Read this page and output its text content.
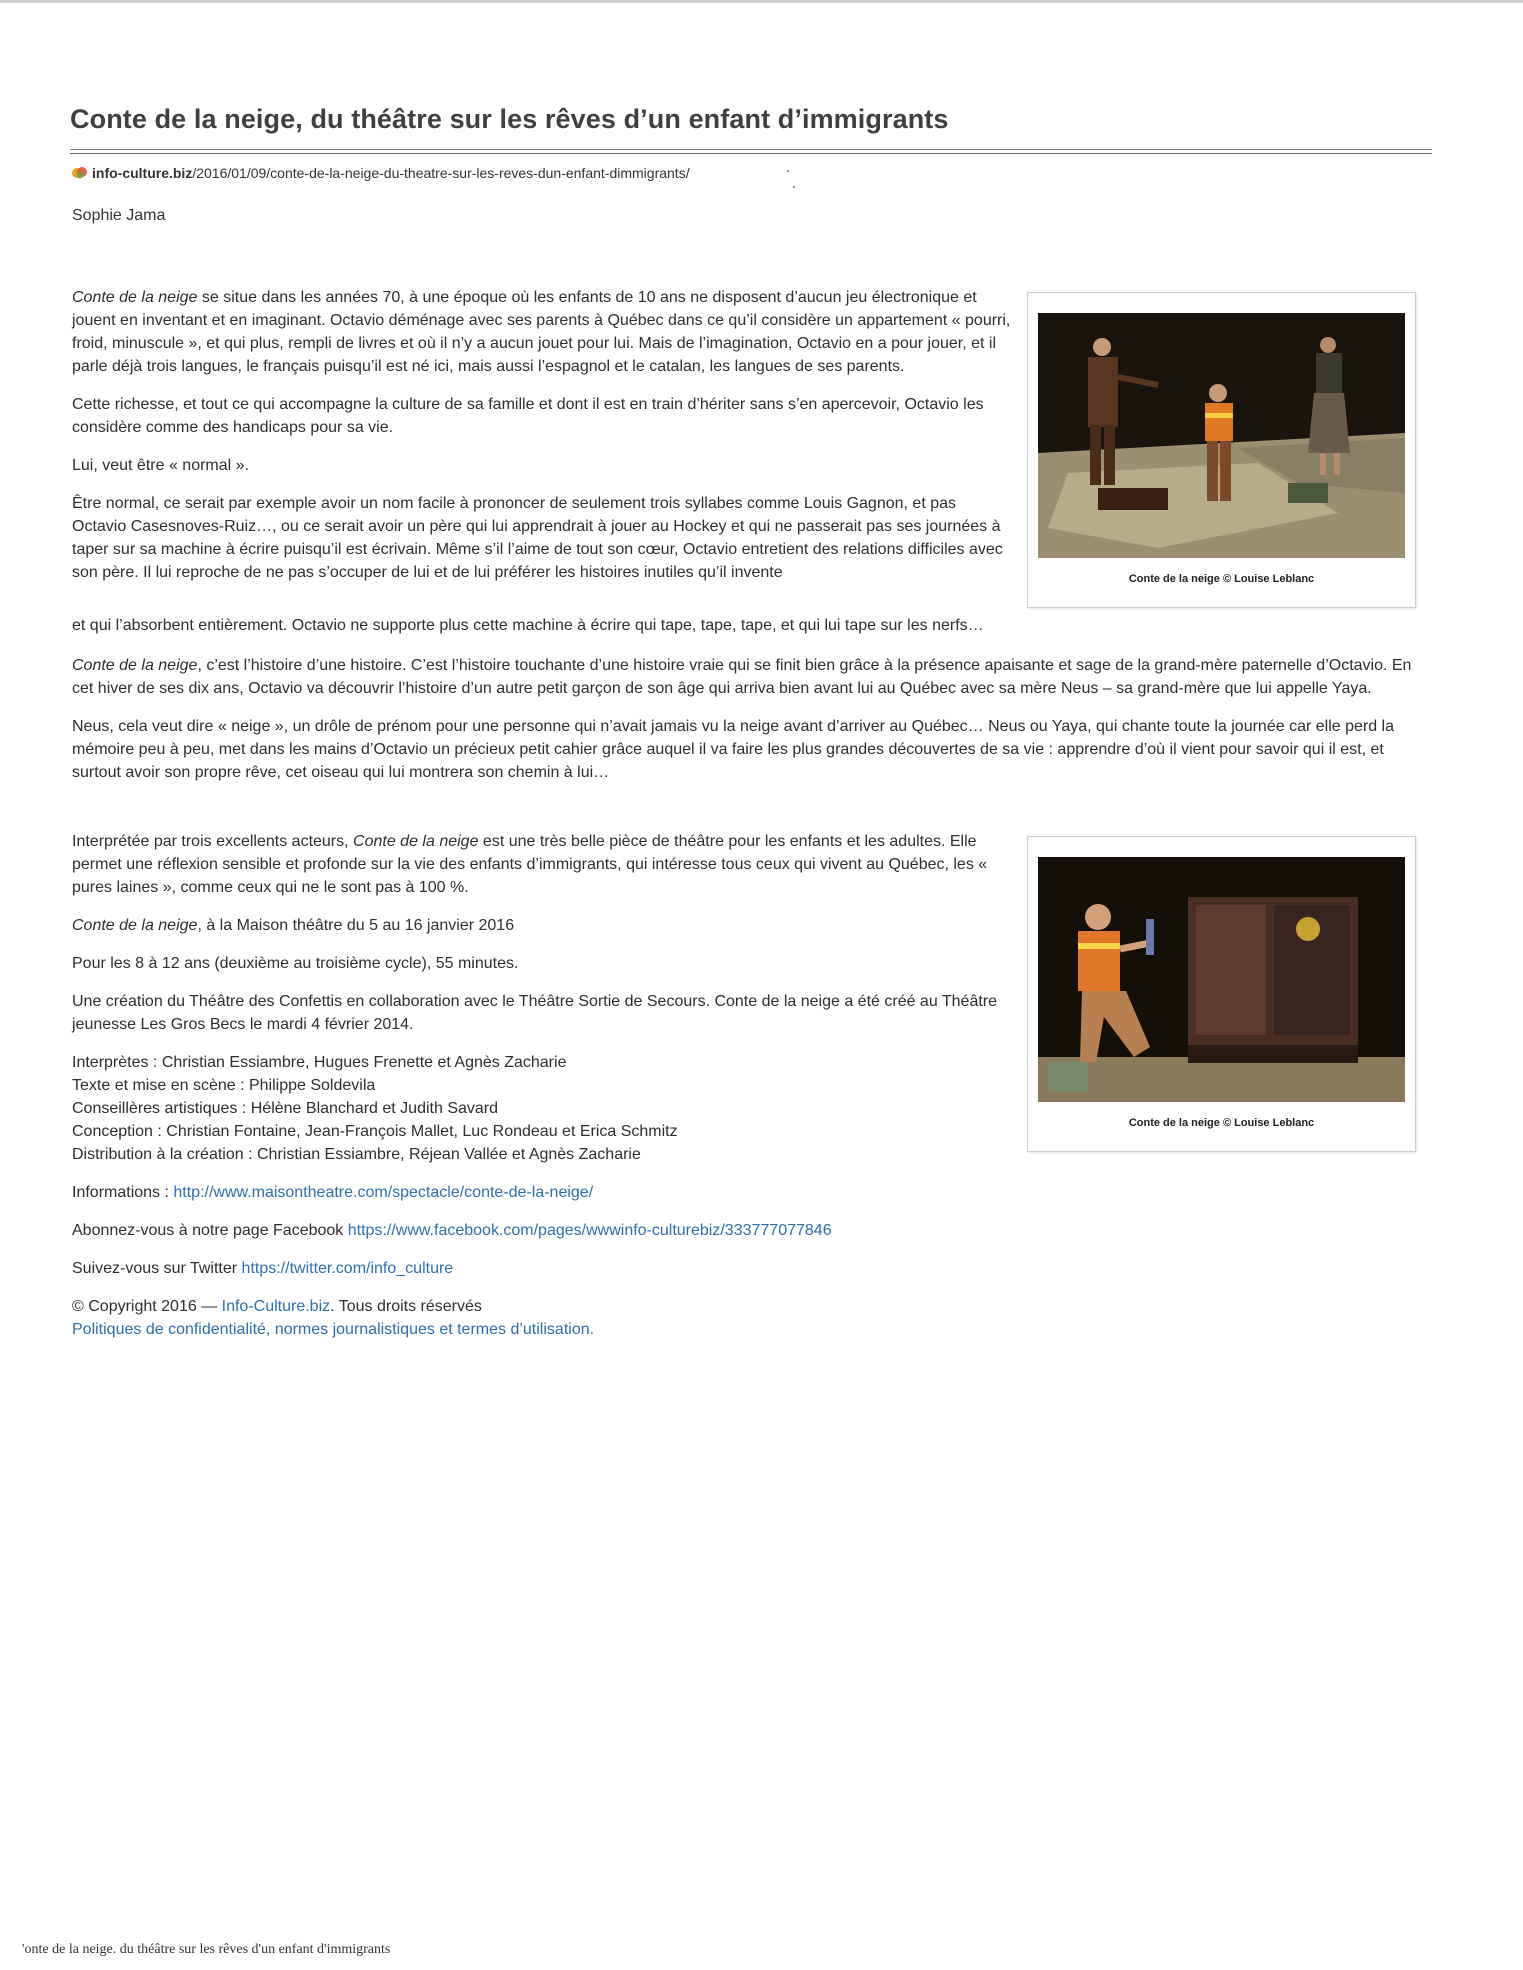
Conte de la neige, du théâtre sur les rêves d’un enfant d’immigrants
info-culture.biz/2016/01/09/conte-de-la-neige-du-theatre-sur-les-reves-dun-enfant-dimmigrants/
Sophie Jama

Conte de la neige se situe dans les années 70, à une époque où les enfants de 10 ans ne disposent d’aucun jeu électronique et jouent en inventant et en imaginant. Octavio déménage avec ses parents à Québec dans ce qu’il considère un appartement « pourri, froid, minuscule », et qui plus, rempli de livres et où il n’y a aucun jouet pour lui. Mais de l’imagination, Octavio en a pour jouer, et il parle déjà trois langues, le français puisqu’il est né ici, mais aussi l’espagnol et le catalan, les langues de ses parents.

Cette richesse, et tout ce qui accompagne la culture de sa famille et dont il est en train d’hériter sans s’en apercevoir, Octavio les considère comme des handicaps pour sa vie.

Lui, veut être « normal ».

Être normal, ce serait par exemple avoir un nom facile à prononcer de seulement trois syllabes comme Louis Gagnon, et pas Octavio Casesnoves-Ruiz…, ou ce serait avoir un père qui lui apprendrait à jouer au Hockey et qui ne passerait pas ses journées à taper sur sa machine à écrire puisqu’il est écrivain. Même s’il l’aime de tout son cœur, Octavio entretient des relations difficiles avec son père. Il lui reproche de ne pas s’occuper de lui et de lui préférer les histoires inutiles qu’il invente

et qui l’absorbent entièrement. Octavio ne supporte plus cette machine à écrire qui tape, tape, tape, et qui lui tape sur les nerfs…

Conte de la neige, c’est l’histoire d’une histoire. C’est l’histoire touchante d’une histoire vraie qui se finit bien grâce à la présence apaisante et sage de la grand-mère paternelle d’Octavio. En cet hiver de ses dix ans, Octavio va découvrir l’histoire d’un autre petit garçon de son âge qui arriva bien avant lui au Québec avec sa mère Neus – sa grand-mère que lui appelle Yaya.

Neus, cela veut dire « neige », un drôle de prénom pour une personne qui n’avait jamais vu la neige avant d’arriver au Québec… Neus ou Yaya, qui chante toute la journée car elle perd la mémoire peu à peu, met dans les mains d’Octavio un précieux petit cahier grâce auquel il va faire les plus grandes découvertes de sa vie : apprendre d’où il vient pour savoir qui il est, et surtout avoir son propre rêve, cet oiseau qui lui montrera son chemin à lui…

Interprétée par trois excellents acteurs, Conte de la neige est une très belle pièce de théâtre pour les enfants et les adultes. Elle permet une réflexion sensible et profonde sur la vie des enfants d’immigrants, qui intéresse tous ceux qui vivent au Québec, les « pures laines », comme ceux qui ne le sont pas à 100 %.

Conte de la neige, à la Maison théâtre du 5 au 16 janvier 2016

Pour les 8 à 12 ans (deuxième au troisième cycle), 55 minutes.

Une création du Théâtre des Confettis en collaboration avec le Théâtre Sortie de Secours. Conte de la neige a été créé au Théâtre jeunesse Les Gros Becs le mardi 4 février 2014.

Interprètes : Christian Essiambre, Hugues Frenette et Agnès Zacharie

Texte et mise en scène : Philippe Soldevila

Conseillères artistiques : Hélène Blanchard et Judith Savard

Conception : Christian Fontaine, Jean-François Mallet, Luc Rondeau et Erica Schmitz

Distribution à la création : Christian Essiambre, Réjean Vallée et Agnès Zacharie

Informations : http://www.maisontheatre.com/spectacle/conte-de-la-neige/

Abonnez-vous à notre page Facebook https://www.facebook.com/pages/wwwinfo-culturebiz/333777077846

Suivez-vous sur Twitter https://twitter.com/info_culture

© Copyright 2016 — Info-Culture.biz. Tous droits réservés

Politiques de confidentialité, normes journalistiques et termes d’utilisation.

Conte de la neige © Louise Leblanc
Conte de la neige © Louise Leblanc
'onte de la neige. du théâtre sur les rêves d'un enfant d'immigrants
